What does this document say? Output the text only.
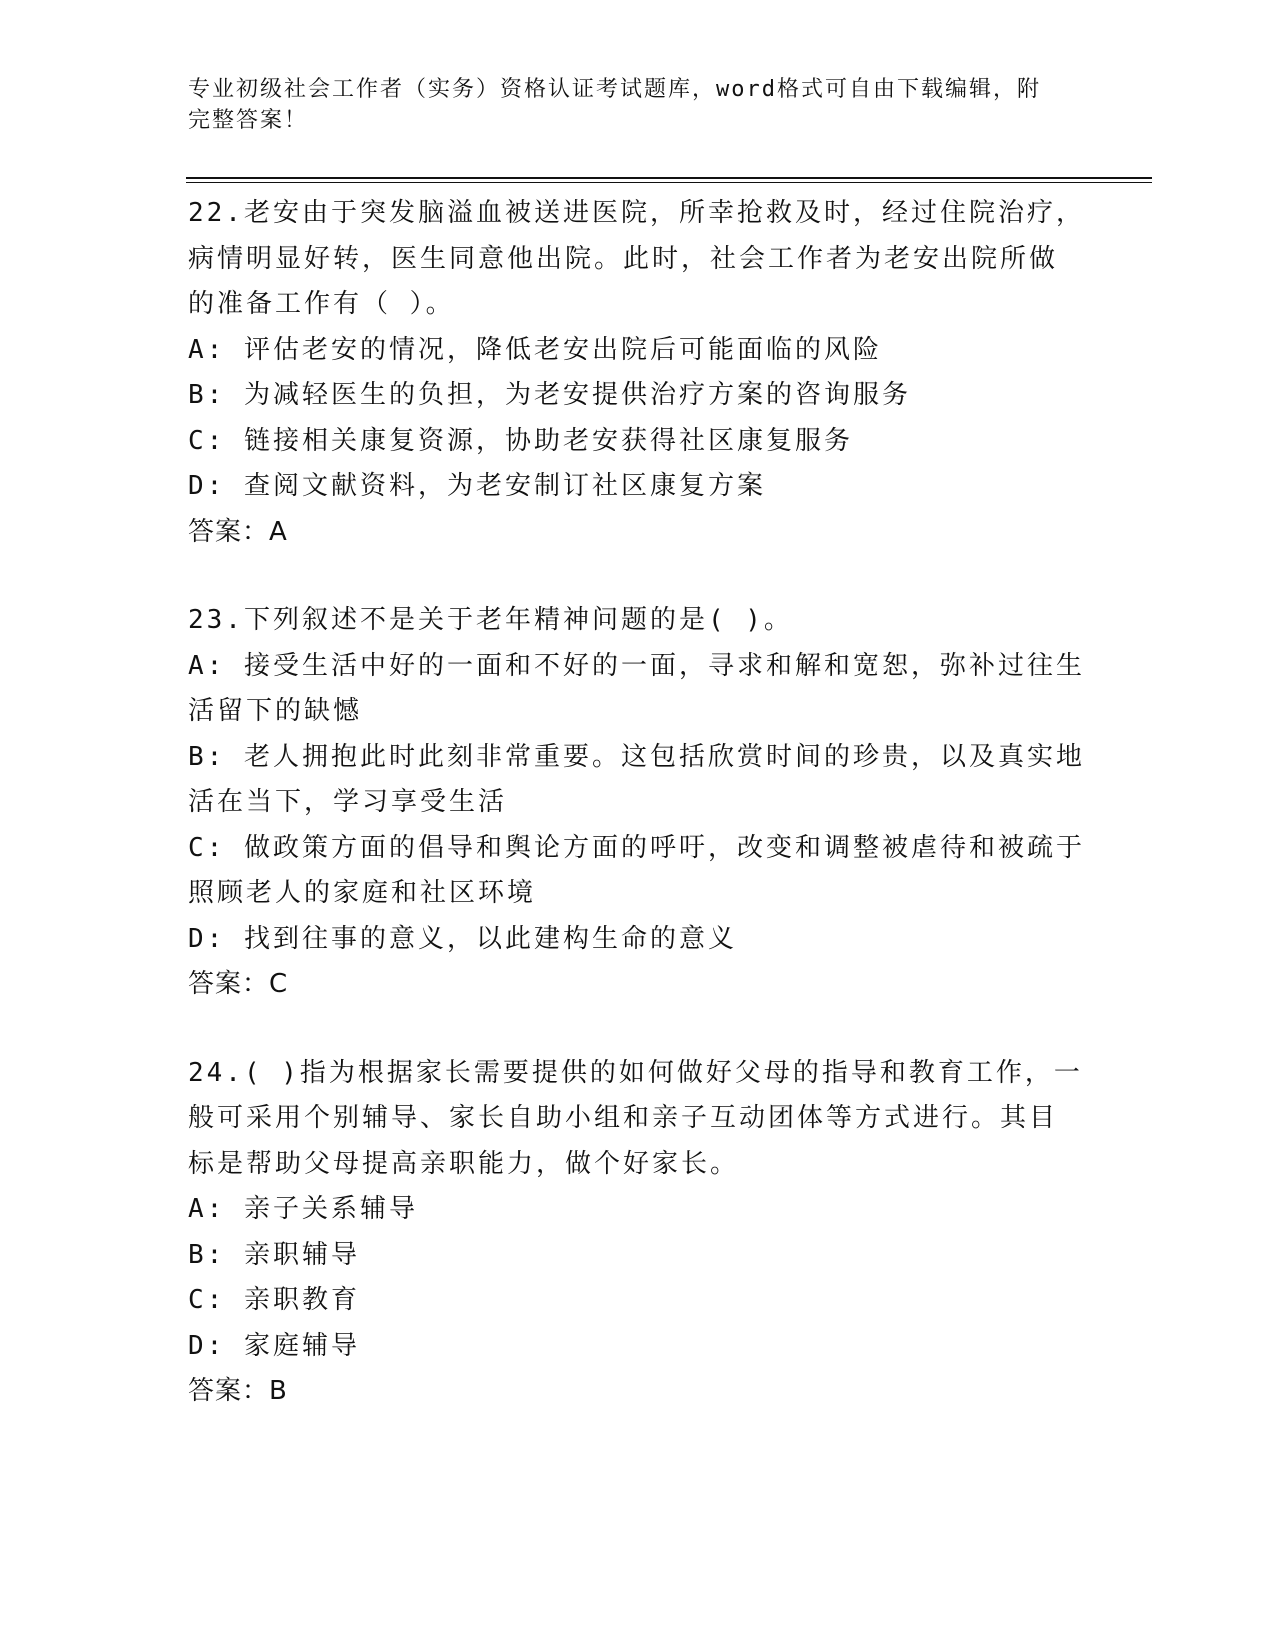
专业初级社会工作者（实务）资格认证考试题库，word格式可自由下载编辑，附
完整答案！
22.老安由于突发脑溢血被送进医院，所幸抢救及时，经过住院治疗，
病情明显好转，医生同意他出院。此时，社会工作者为老安出院所做
的准备工作有（ ）。
A: 评估老安的情况，降低老安出院后可能面临的风险
B: 为减轻医生的负担，为老安提供治疗方案的咨询服务
C: 链接相关康复资源，协助老安获得社区康复服务
D: 查阅文献资料，为老安制订社区康复方案
答案：A
23.下列叙述不是关于老年精神问题的是( )。
A: 接受生活中好的一面和不好的一面，寻求和解和宽恕，弥补过往生
活留下的缺憾
B: 老人拥抱此时此刻非常重要。这包括欣赏时间的珍贵，以及真实地
活在当下，学习享受生活
C: 做政策方面的倡导和舆论方面的呼吁，改变和调整被虐待和被疏于
照顾老人的家庭和社区环境
D: 找到往事的意义，以此建构生命的意义
答案：C
24.( )指为根据家长需要提供的如何做好父母的指导和教育工作，一
般可采用个别辅导、家长自助小组和亲子互动团体等方式进行。其目
标是帮助父母提高亲职能力，做个好家长。
A: 亲子关系辅导
B: 亲职辅导
C: 亲职教育
D: 家庭辅导
答案：B
